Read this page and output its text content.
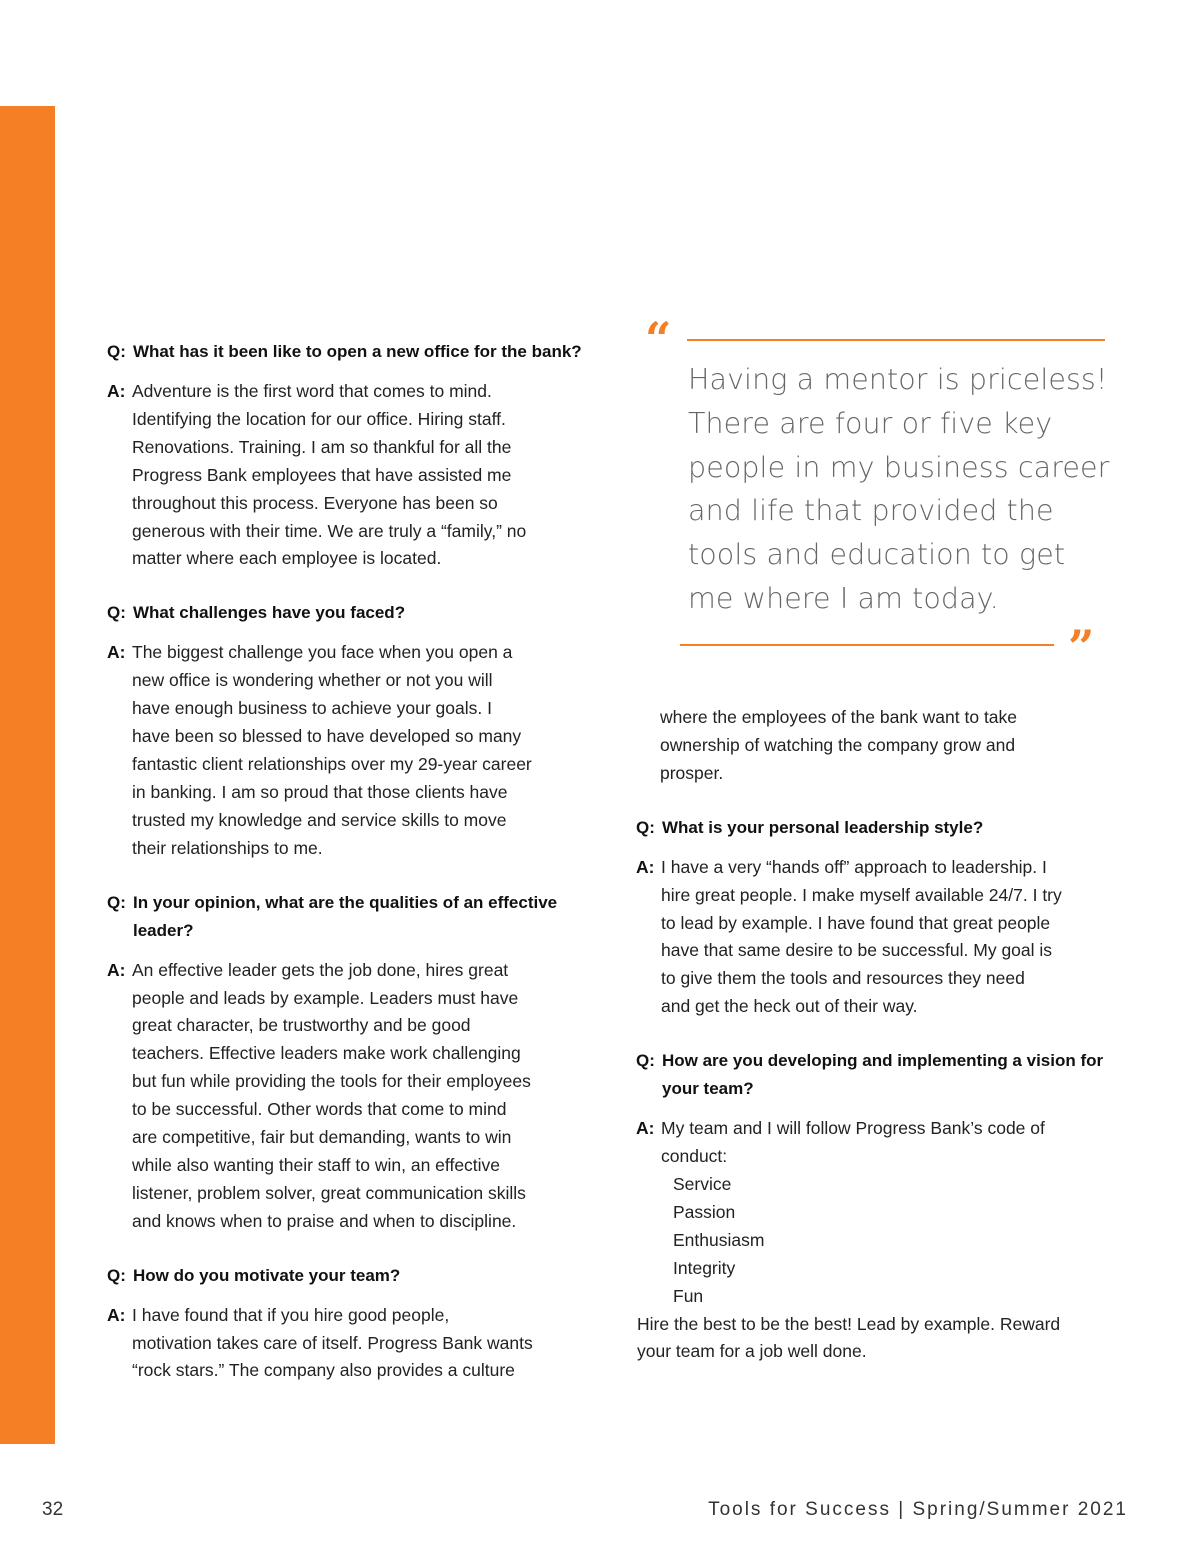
Q: What has it been like to open a new office for the bank?

A: Adventure is the first word that comes to mind.
Identifying the location for our office. Hiring staff.
Renovations. Training. I am so thankful for all the
Progress Bank employees that have assisted me
throughout this process. Everyone has been so
generous with their time. We are truly a “family,” no
matter where each employee is located.

Q: What challenges have you faced?

A: The biggest challenge you face when you open a
new office is wondering whether or not you will
have enough business to achieve your goals. I
have been so blessed to have developed so many
fantastic client relationships over my 29-year career
in banking. I am so proud that those clients have
trusted my knowledge and service skills to move
their relationships to me.

Q: In your opinion, what are the qualities of an effective leader?

A: An effective leader gets the job done, hires great
people and leads by example. Leaders must have
great character, be trustworthy and be good
teachers. Effective leaders make work challenging
but fun while providing the tools for their employees
to be successful. Other words that come to mind
are competitive, fair but demanding, wants to win
while also wanting their staff to win, an effective
listener, problem solver, great communication skills
and knows when to praise and when to discipline.

Q: How do you motivate your team?

A: I have found that if you hire good people,
motivation takes care of itself. Progress Bank wants
“rock stars.” The company also provides a culture
“
Having a mentor is priceless!
There are four or five key
people in my business career
and life that provided the
tools and education to get
me where I am today.
”
where the employees of the bank want to take
ownership of watching the company grow and
prosper.

Q: What is your personal leadership style?

A: I have a very “hands off” approach to leadership. I
hire great people. I make myself available 24/7. I try
to lead by example. I have found that great people
have that same desire to be successful. My goal is
to give them the tools and resources they need
and get the heck out of their way.

Q: How are you developing and implementing a vision for your team?

A: My team and I will follow Progress Bank’s code of
conduct:
Service
Passion
Enthusiasm
Integrity
Fun
Hire the best to be the best! Lead by example. Reward
your team for a job well done.
32	Tools for Success | Spring/Summer 2021
